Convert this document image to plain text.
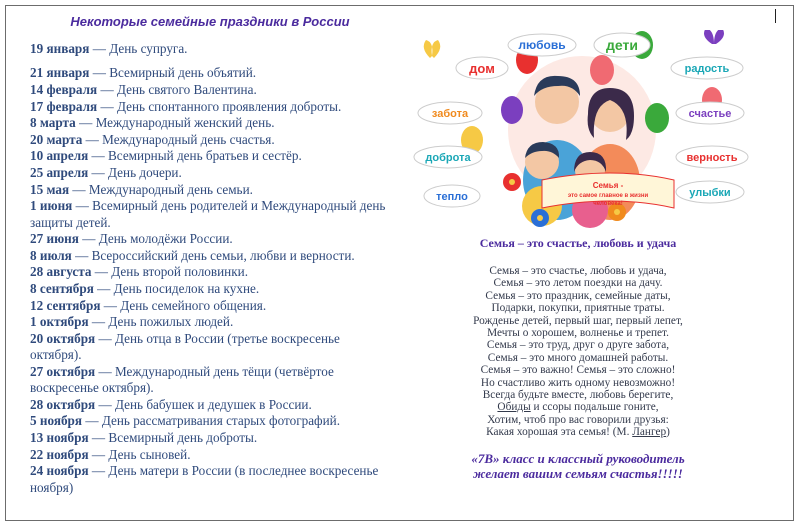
Некоторые семейные праздники в России
19 января — День супруга.
21 января — Всемирный день объятий.
14 февраля — День святого Валентина.
17 февраля — День спонтанного проявления доброты.
8 марта — Международный женский день.
20 марта — Международный день счастья.
10 апреля — Всемирный день братьев и сестёр.
25 апреля — День дочери.
15 мая — Международный день семьи.
1 июня — Всемирный день родителей и Международный день защиты детей.
27 июня — День молодёжи России.
8 июля — Всероссийский день семьи, любви и верности.
28 августа — День второй половинки.
8 сентября — День посиделок на кухне.
12 сентября — День семейного общения.
1 октября — День пожилых людей.
20 октября — День отца в России (третье воскресенье октября).
27 октября — Международный день тёщи (четвёртое воскресенье октября).
28 октября — День бабушек и дедушек в России.
5 ноября — День рассматривания старых фотографий.
13 ноября — Всемирный день доброты.
22 ноября — День сыновей.
24 ноября — День матери в России (в последнее воскресенье ноября)
любовь	дети
дом	радость
забота	счастье
доброта	верность
тепло	улыбки
Семья -
это самое главное в жизни
человека!
Семья – это счастье, любовь и удача
Семья – это счастье, любовь и удача,
Семья – это летом поездки на дачу.
Семья – это праздник, семейные даты,
Подарки, покупки, приятные траты.
Рожденье детей, первый шаг, первый лепет,
Мечты о хорошем, волненье и трепет.
Семья – это труд, друг о друге забота,
Семья – это много домашней работы.
Семья – это важно! Семья – это сложно!
Но счастливо жить одному невозможно!
Всегда будьте вместе, любовь берегите,
Обиды и ссоры подальше гоните,
Хотим, чтоб про вас говорили друзья:
Какая хорошая эта семья! (М. Лангер)
«7В» класс и классный руководитель
желает вашим семьям счастья!!!!!
